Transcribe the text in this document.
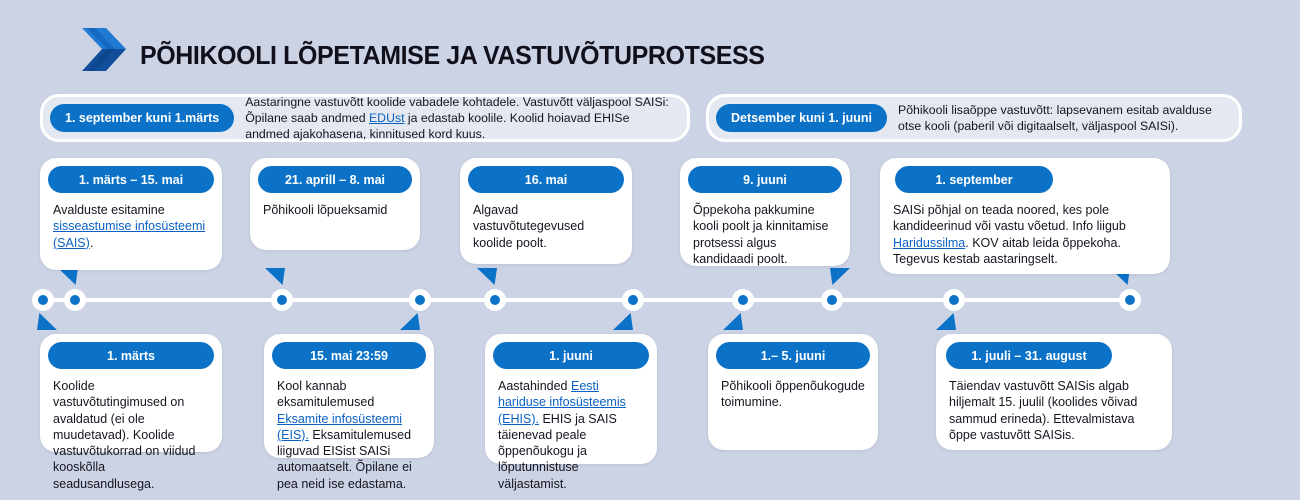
PÕHIKOOLI LÕPETAMISE JA VASTUVÕTUPROTSESS
1. september kuni 1.märts
Aastaringne vastuvõtt koolide vabadele kohtadele. Vastuvõtt väljaspool SAISi: Õpilane saab andmed EDUst ja edastab koolile. Koolid hoiavad EHISe andmed ajakohasena, kinnitused kord kuus.
Detsember kuni 1. juuni
Põhikooli lisaõppe vastuvõtt: lapsevanem esitab avalduse otse kooli (paberil või digitaalselt, väljaspool SAISi).
1. märts – 15. mai
Avalduste esitamine sisseastumise infosüsteemi (SAIS).
21. aprill – 8. mai
Põhikooli lõpueksamid
16. mai
Algavad vastuvõtutegevused koolide poolt.
9. juuni
Õppekoha pakkumine kooli poolt ja kinnitamise protsessi algus kandidaadi poolt.
1. september
SAISi põhjal on teada noored, kes pole kandideerinud või vastu võetud. Info liigub Haridussilma. KOV aitab leida õppekoha. Tegevus kestab aastaringselt.
1. märts
Koolide vastuvõtutingimused on avaldatud (ei ole muudetavad). Koolide vastuvõtukorrad on viidud kooskõlla seadusandlusega.
15. mai 23:59
Kool kannab eksamitulemused Eksamite infosüsteemi (EIS). Eksamitulemused liiguvad EISist SAISi automaatselt. Õpilane ei pea neid ise edastama.
1. juuni
Aastahinded Eesti hariduse infosüsteemis (EHIS). EHIS ja SAIS täienevad peale õppenõukogu ja lõputunnistuse väljastamist.
1.– 5. juuni
Põhikooli õppenõukogude toimumine.
1. juuli – 31. august
Täiendav vastuvõtt SAISis algab hiljemalt 15. juulil (koolides võivad sammud erineda). Ettevalmistava õppe vastuvõtt SAISis.
